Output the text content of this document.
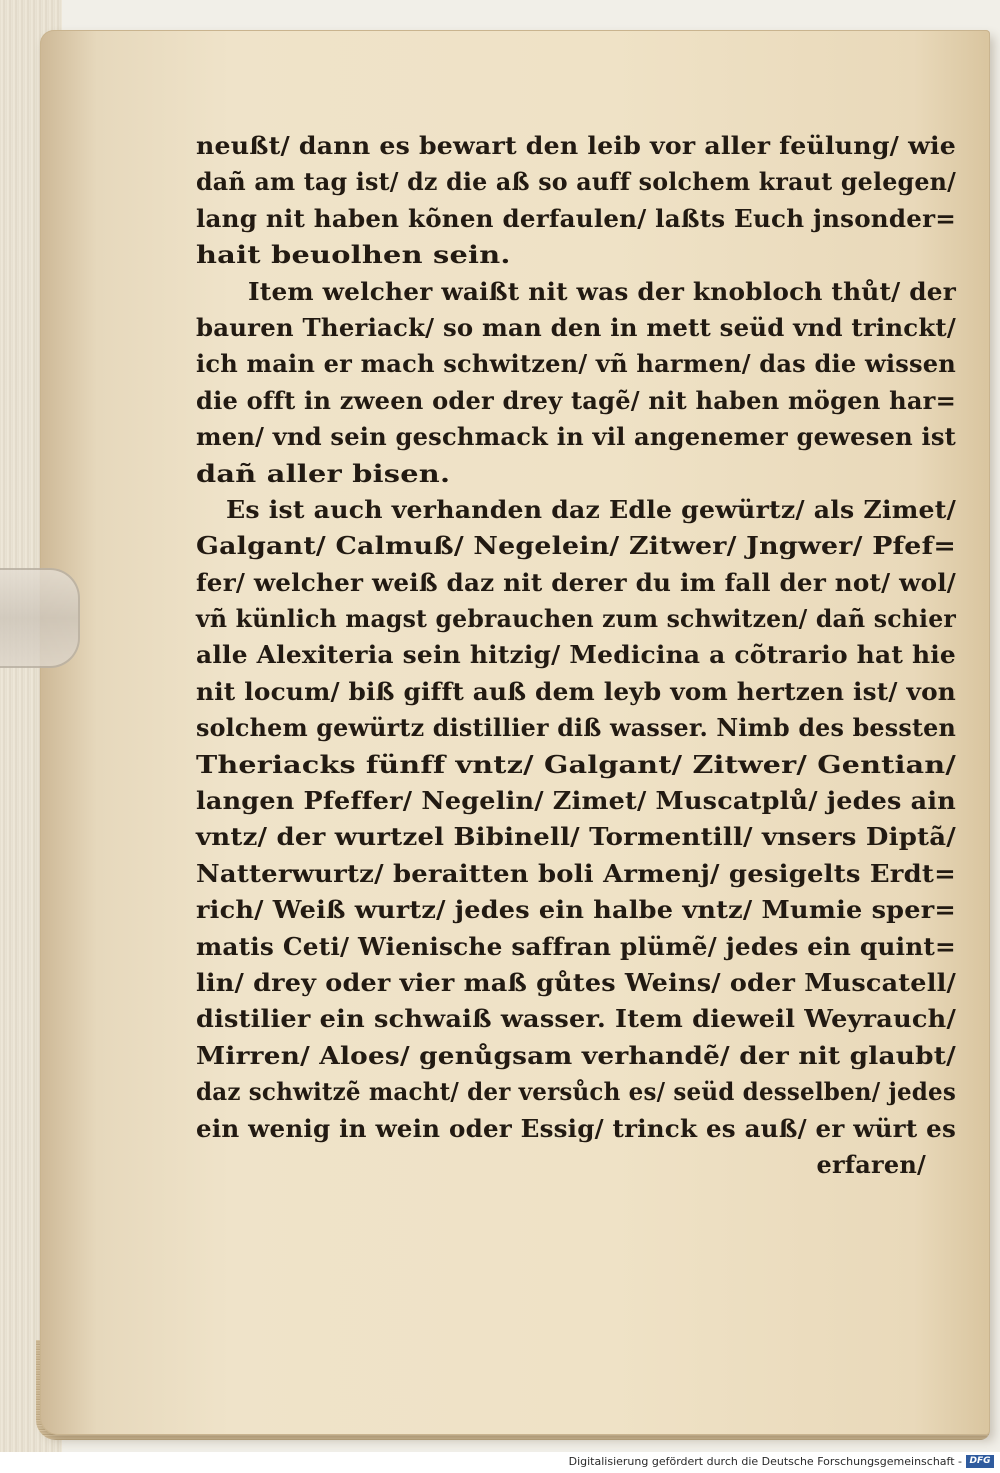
neußt/ dann es bewart den leib vor aller feülung/ wie
dañ am tag ist/ dz die aß so auff solchem kraut gelegen/
lang nit haben kõnen derfaulen/ laßts Euch jnsonder=
hait beuolhen sein.
Item welcher waißt nit was der knobloch thůt/ der
bauren Theriack/ so man den in mett seüd vnd trinckt/
ich main er mach schwitzen/ vñ harmen/ das die wissen
die offt in zween oder drey tagẽ/ nit haben mögen har=
men/ vnd sein geschmack in vil angenemer gewesen ist
dañ aller bisen.
Es ist auch verhanden daz Edle gewürtz/ als Zimet/
Galgant/ Calmuß/ Negelein/ Zitwer/ Jngwer/ Pfef=
fer/ welcher weiß daz nit derer du im fall der not/ wol/
vñ künlich magst gebrauchen zum schwitzen/ dañ schier
alle Alexiteria sein hitzig/ Medicina a cõtrario hat hie
nit locum/ biß gifft auß dem leyb vom hertzen ist/ von
solchem gewürtz distillier diß wasser. Nimb des bessten
Theriacks fünff vntz/ Galgant/ Zitwer/ Gentian/
langen Pfeffer/ Negelin/ Zimet/ Muscatplů/ jedes ain
vntz/ der wurtzel Bibinell/ Tormentill/ vnsers Diptã/
Natterwurtz/ beraitten boli Armenj/ gesigelts Erdt=
rich/ Weiß wurtz/ jedes ein halbe vntz/ Mumie sper=
matis Ceti/ Wienische saffran plümẽ/ jedes ein quint=
lin/ drey oder vier maß gůtes Weins/ oder Muscatell/
distilier ein schwaiß wasser. Item dieweil Weyrauch/
Mirren/ Aloes/ genůgsam verhandẽ/ der nit glaubt/
daz schwitzẽ macht/ der versůch es/ seüd desselben/ jedes
ein wenig in wein oder Essig/ trinck es auß/ er würt es
erfaren/
Digitalisierung gefördert durch die Deutsche Forschungsgemeinschaft - DFG
